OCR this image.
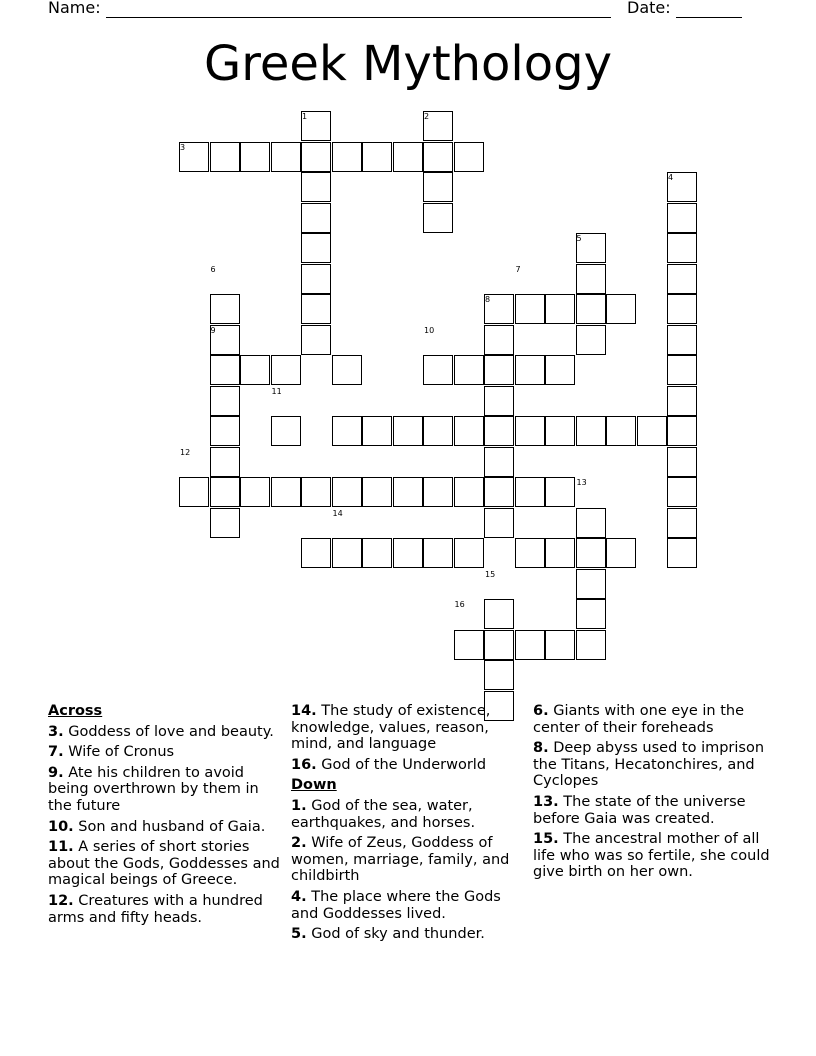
Name:	Date:
Greek Mythology
1	2
3
4
5
6	7
8
9	10
11
12
13
14
15
16
Across
3. Goddess of love and beauty.
7. Wife of Cronus
9. Ate his children to avoid being overthrown by them in the future
10. Son and husband of Gaia.
11. A series of short stories about the Gods, Goddesses and magical beings of Greece.
12. Creatures with a hundred arms and fifty heads.
14. The study of existence, knowledge, values, reason, mind, and language
16. God of the Underworld
Down
1. God of the sea, water, earthquakes, and horses.
2. Wife of Zeus, Goddess of women, marriage, family, and childbirth
4. The place where the Gods and Goddesses lived.
5. God of sky and thunder.
6. Giants with one eye in the center of their foreheads
8. Deep abyss used to imprison the Titans, Hecatonchires, and Cyclopes
13. The state of the universe before Gaia was created.
15. The ancestral mother of all life who was so fertile, she could give birth on her own.
